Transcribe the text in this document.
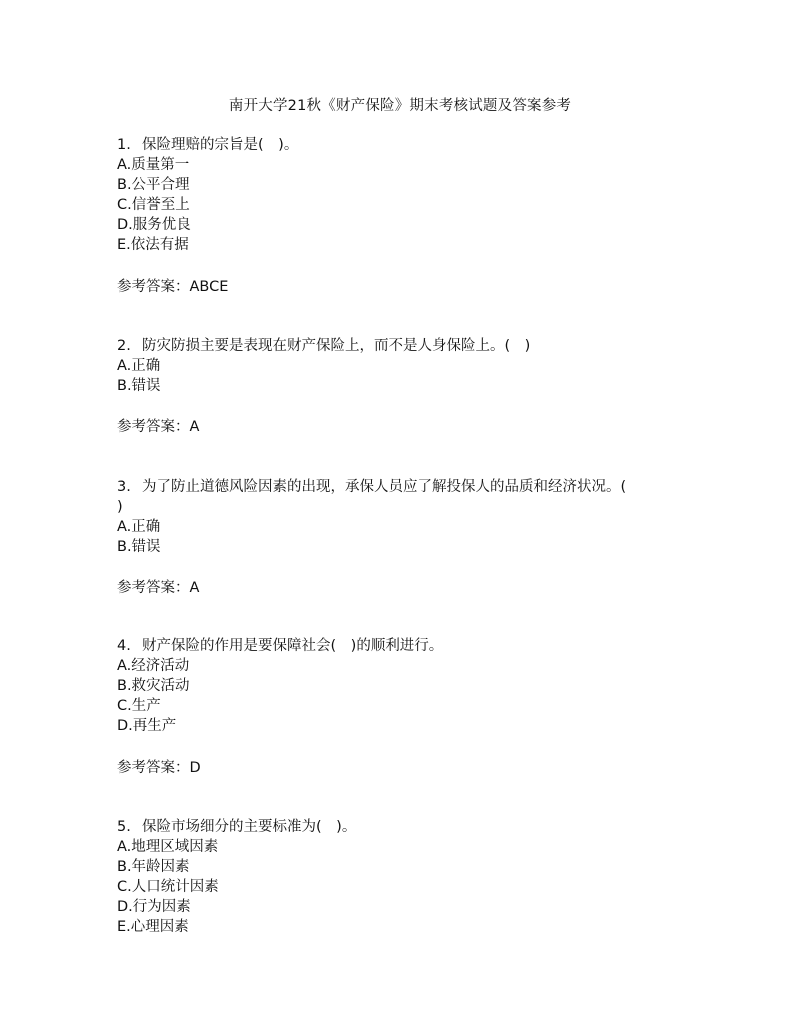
南开大学21秋《财产保险》期末考核试题及答案参考
1. 保险理赔的宗旨是(　)。
A.质量第一
B.公平合理
C.信誉至上
D.服务优良
E.依法有据
参考答案：ABCE
2. 防灾防损主要是表现在财产保险上，而不是人身保险上。(　)
A.正确
B.错误
参考答案：A
3. 为了防止道德风险因素的出现，承保人员应了解投保人的品质和经济状况。(
)
A.正确
B.错误
参考答案：A
4. 财产保险的作用是要保障社会(　)的顺利进行。
A.经济活动
B.救灾活动
C.生产
D.再生产
参考答案：D
5. 保险市场细分的主要标准为(　)。
A.地理区域因素
B.年龄因素
C.人口统计因素
D.行为因素
E.心理因素
